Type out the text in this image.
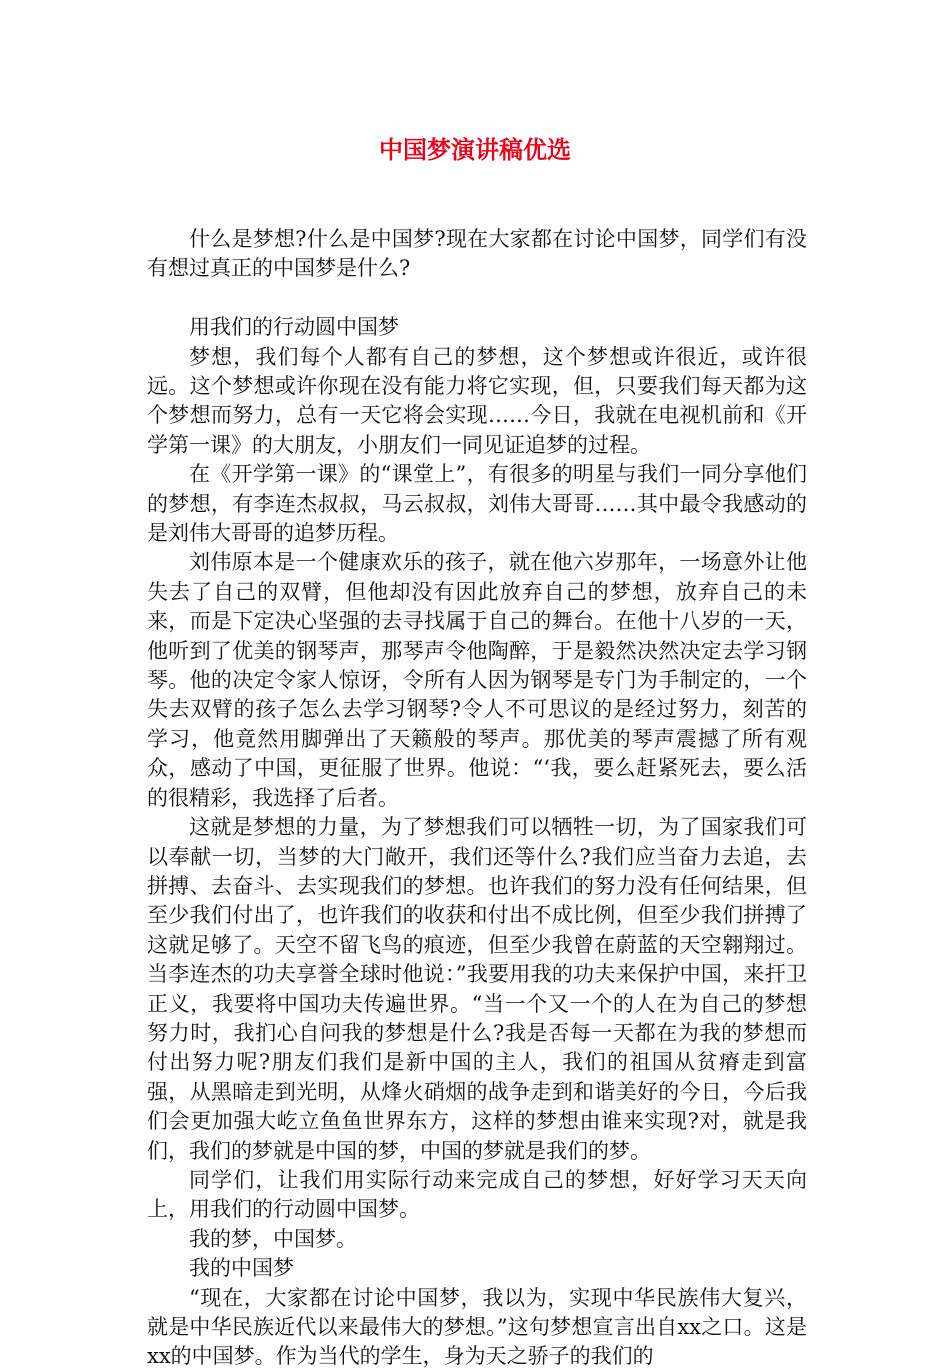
中国梦演讲稿优选

什么是梦想?什么是中国梦?现在大家都在讨论中国梦，同学们有没有想过真正的中国梦是什么?

用我们的行动圆中国梦

梦想，我们每个人都有自己的梦想，这个梦想或许很近，或许很远。这个梦想或许你现在没有能力将它实现，但，只要我们每天都为这个梦想而努力，总有一天它将会实现……今日，我就在电视机前和《开学第一课》的大朋友，小朋友们一同见证追梦的过程。

在《开学第一课》的“课堂上”，有很多的明星与我们一同分享他们的梦想，有李连杰叔叔，马云叔叔，刘伟大哥哥……其中最令我感动的是刘伟大哥哥的追梦历程。

刘伟原本是一个健康欢乐的孩子，就在他六岁那年，一场意外让他失去了自己的双臂，但他却没有因此放弃自己的梦想，放弃自己的未来，而是下定决心坚强的去寻找属于自己的舞台。在他十八岁的一天，他听到了优美的钢琴声，那琴声令他陶醉，于是毅然决然决定去学习钢琴。他的决定令家人惊讶，令所有人因为钢琴是专门为手制定的，一个失去双臂的孩子怎么去学习钢琴?令人不可思议的是经过努力，刻苦的学习，他竟然用脚弹出了天籁般的琴声。那优美的琴声震撼了所有观众，感动了中国，更征服了世界。他说：“‘我，要么赶紧死去，要么活的很精彩，我选择了后者。

这就是梦想的力量，为了梦想我们可以牺牲一切，为了国家我们可以奉献一切，当梦的大门敞开，我们还等什么?我们应当奋力去追，去拼搏、去奋斗、去实现我们的梦想。也许我们的努力没有任何结果，但至少我们付出了，也许我们的收获和付出不成比例，但至少我们拼搏了这就足够了。天空不留飞鸟的痕迹，但至少我曾在蔚蓝的天空翱翔过。当李连杰的功夫享誉全球时他说：”我要用我的功夫来保护中国，来扞卫正义，我要将中国功夫传遍世界。“当一个又一个的人在为自己的梦想努力时，我扪心自问我的梦想是什么?我是否每一天都在为我的梦想而付出努力呢?朋友们我们是新中国的主人，我们的祖国从贫瘠走到富强，从黑暗走到光明，从烽火硝烟的战争走到和谐美好的今日，今后我们会更加强大屹立鱼鱼世界东方，这样的梦想由谁来实现?对，就是我们，我们的梦就是中国的梦，中国的梦就是我们的梦。

同学们，让我们用实际行动来完成自己的梦想，好好学习天天向上，用我们的行动圆中国梦。

我的梦，中国梦。

我的中国梦

“现在，大家都在讨论中国梦，我以为，实现中华民族伟大复兴，就是中华民族近代以来最伟大的梦想。”这句梦想宣言出自xx之口。这是xx的中国梦。作为当代的学生，身为天之骄子的我们的
